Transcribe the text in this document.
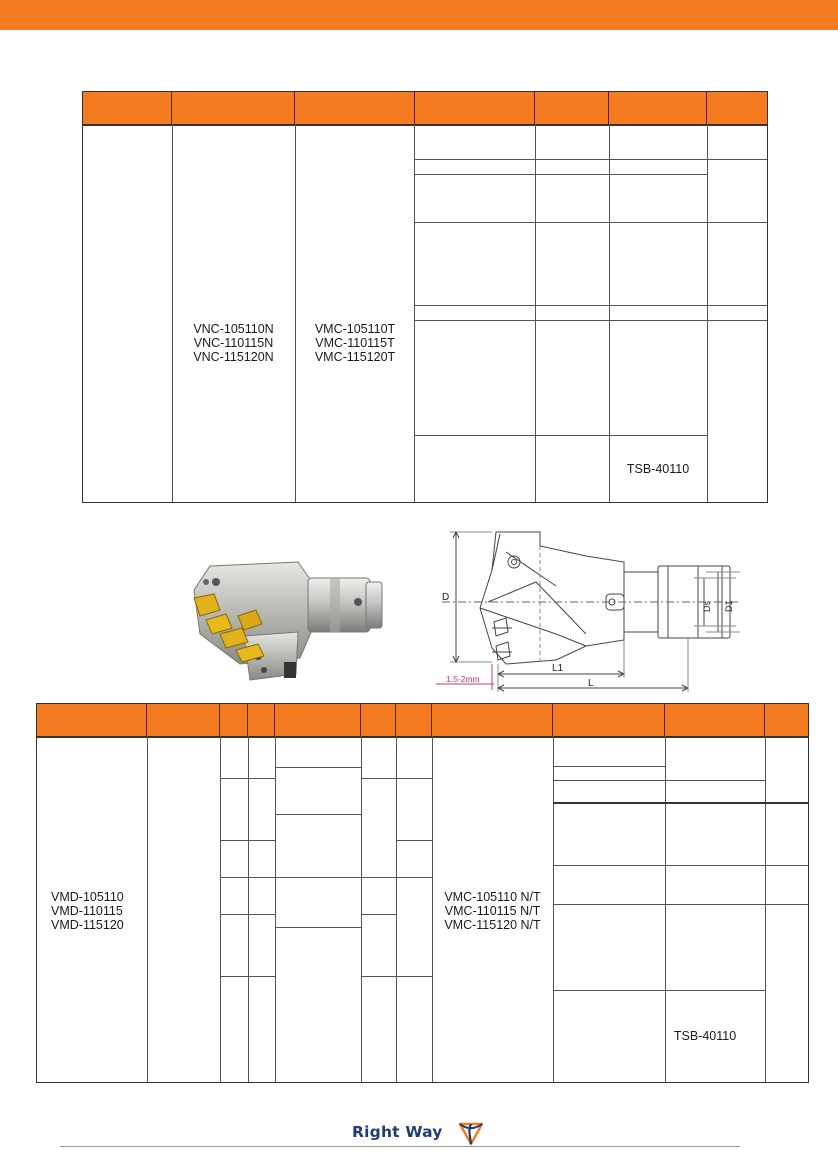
VNC-105110N
VNC-110115N
VNC-115120N
VMC-105110T
VMC-110115T
VMC-115120T
TSB-40110
D
Ds D1
L1
L
1.5-2mm
VMD-105110
VMD-110115
VMD-115120
VMC-105110 N/T
VMC-110115 N/T
VMC-115120 N/T
TSB-40110
Right Way
